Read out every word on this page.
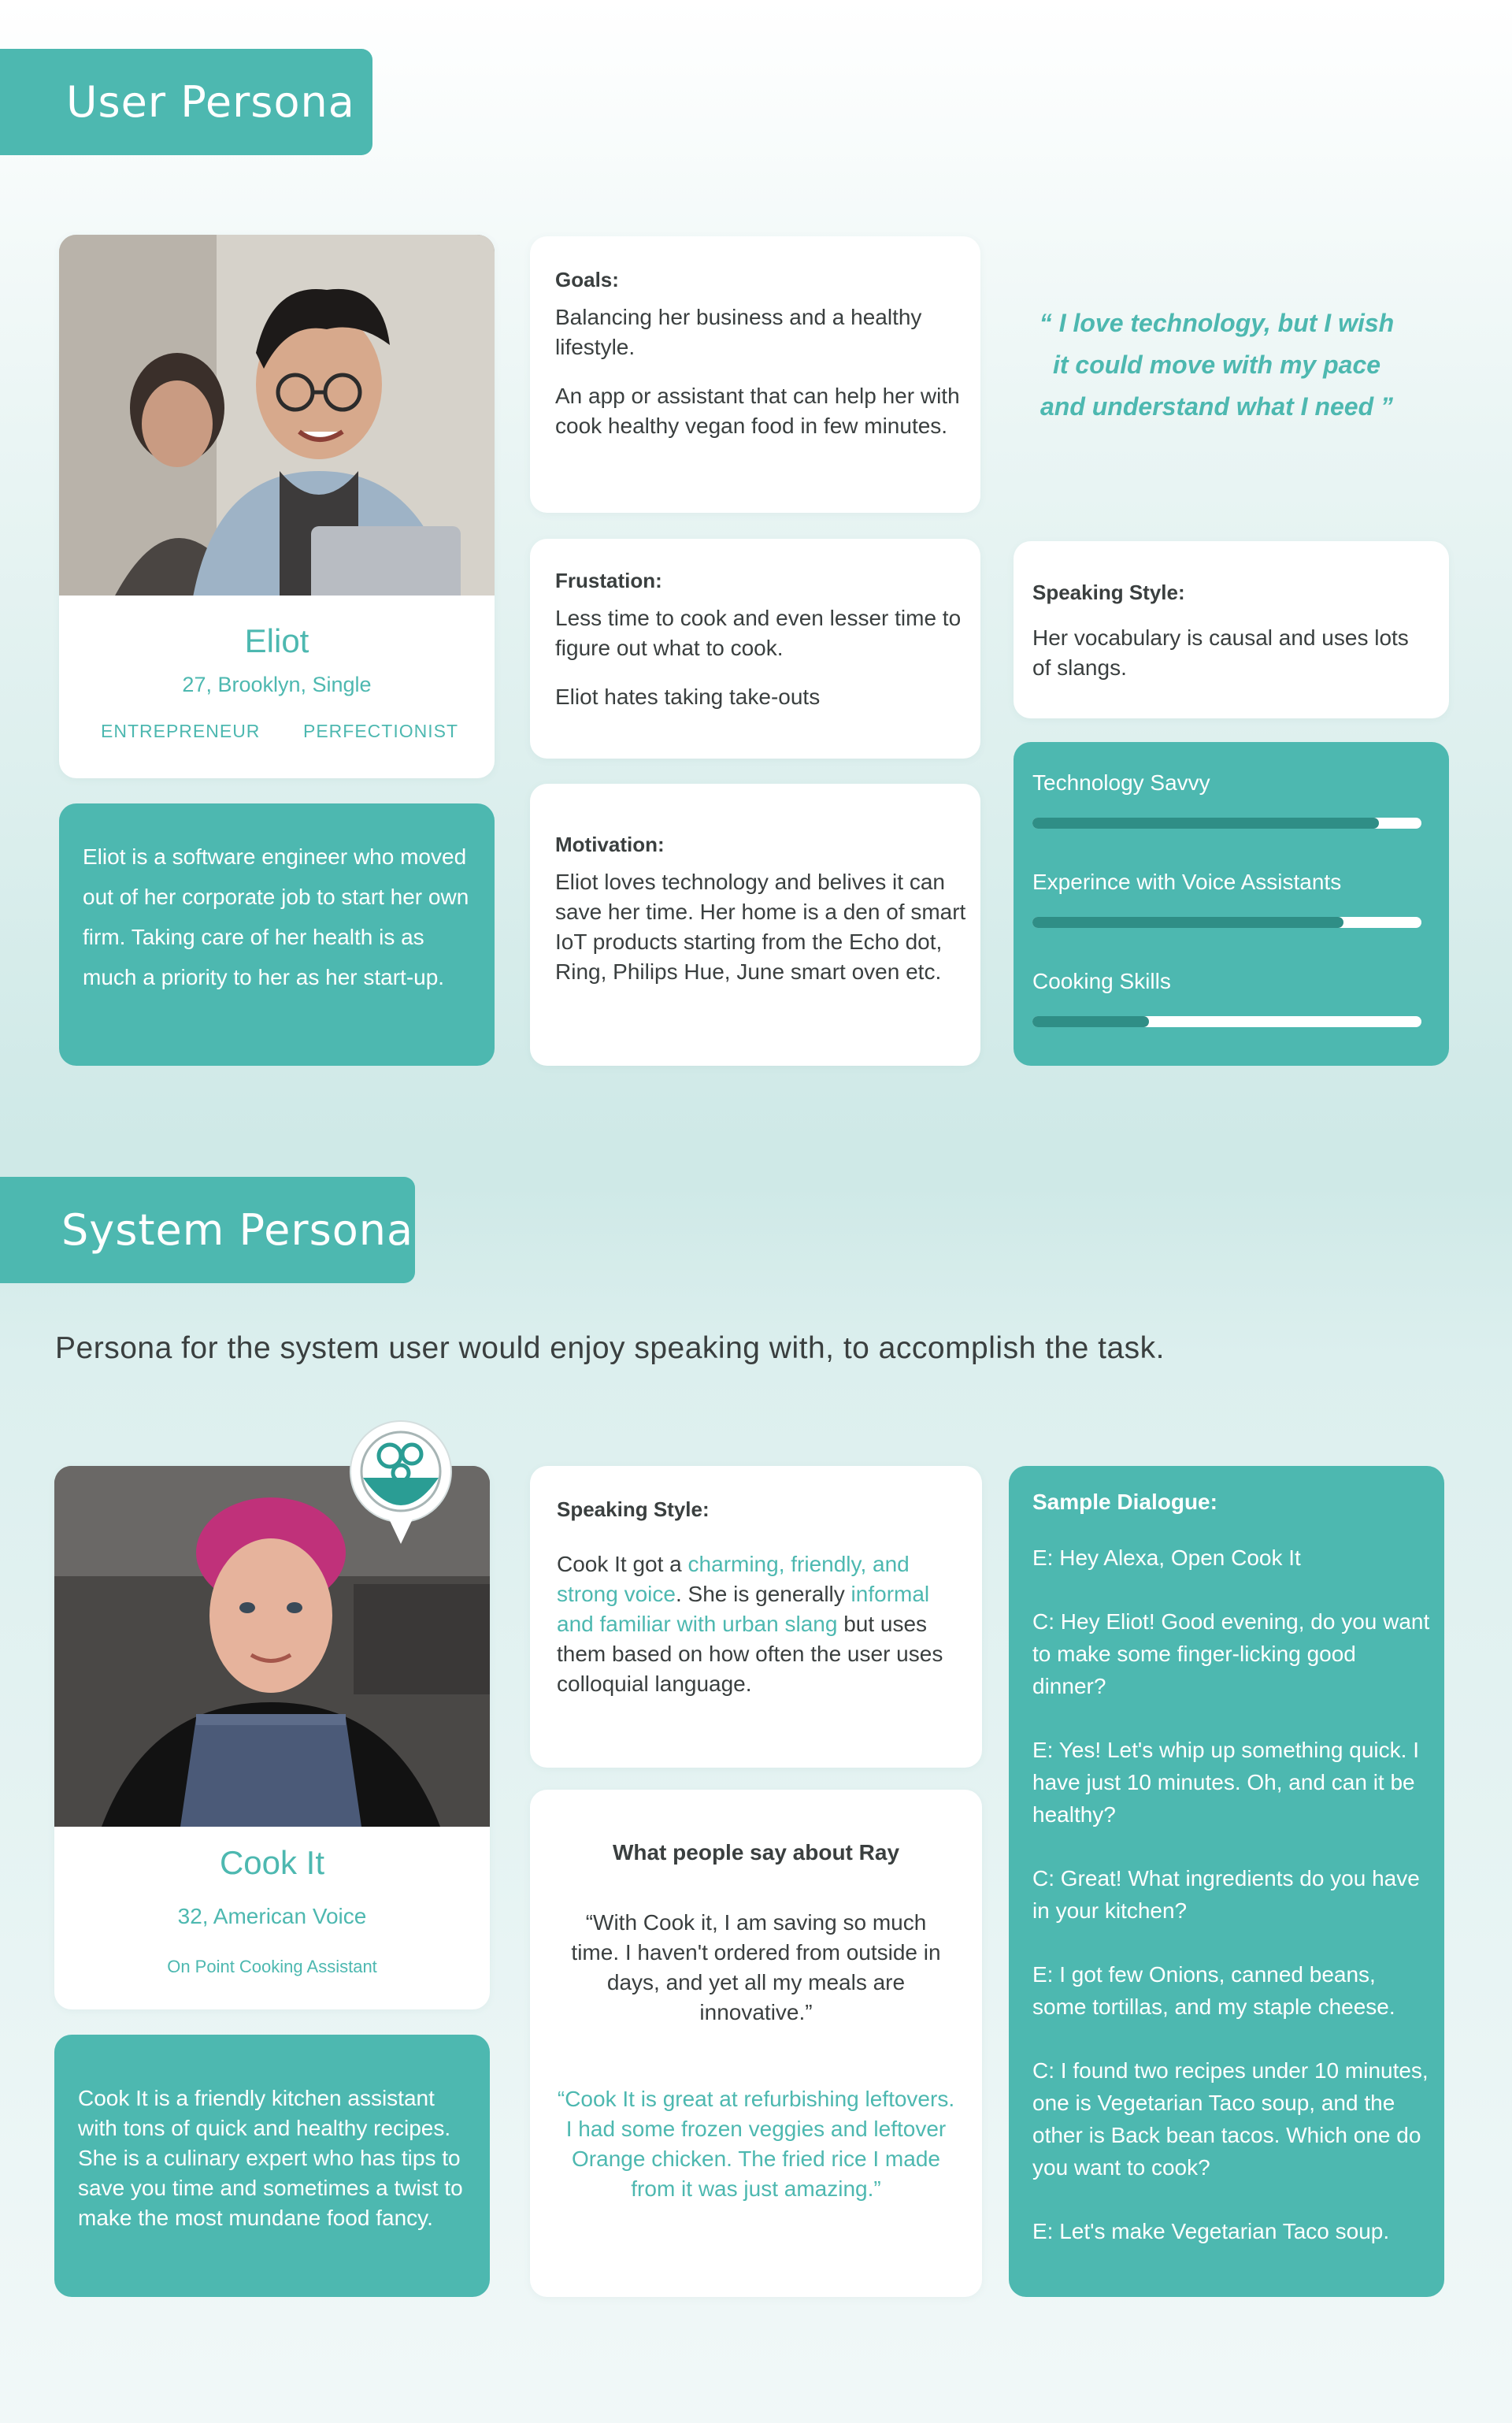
User Persona
Eliot
27, Brooklyn, Single
ENTREPRENEUR PERFECTIONIST
Eliot is a software engineer who moved out of her corporate job to start her own firm. Taking care of her health is as much a priority to her as her start-up.
Goals:
Balancing her business and a healthy lifestyle.
An app or assistant that can help her with cook healthy vegan food in few minutes.
Frustation:
Less time to cook and even lesser time to figure out what to cook.
Eliot hates taking take-outs
Motivation:
Eliot loves technology and belives it can save her time. Her home is a den of smart IoT products starting from the Echo dot, Ring, Philips Hue, June smart oven etc.
“ I love technology, but I wish it could move with my pace and understand what I need ”
Speaking Style:
Her vocabulary is causal and uses lots of slangs.
Technology Savvy
Experince with Voice Assistants
Cooking Skills
System Persona
Persona for the system user would enjoy speaking with, to accomplish the task.
Cook It
32, American Voice
On Point Cooking Assistant
Cook It is a friendly kitchen assistant with tons of quick and healthy recipes. She is a culinary expert who has tips to save you time and sometimes a twist to make the most mundane food fancy.
Speaking Style:
Cook It got a charming, friendly, and strong voice. She is generally informal and familiar with urban slang but uses them based on how often the user uses colloquial language.
What people say about Ray
“With Cook it, I am saving so much time. I haven't ordered from outside in days, and yet all my meals are innovative.”
“Cook It is great at refurbishing leftovers. I had some frozen veggies and leftover Orange chicken. The fried rice I made from it was just amazing.”
Sample Dialogue:
E: Hey Alexa, Open Cook It
C: Hey Eliot! Good evening, do you want to make some finger-licking good dinner?
E: Yes! Let's whip up something quick. I have just 10 minutes. Oh, and can it be healthy?
C: Great! What ingredients do you have in your kitchen?
E: I got few Onions, canned beans, some tortillas, and my staple cheese.
C: I found two recipes under 10 minutes, one is Vegetarian Taco soup, and the other is Back bean tacos. Which one do you want to cook?
E: Let's make Vegetarian Taco soup.
